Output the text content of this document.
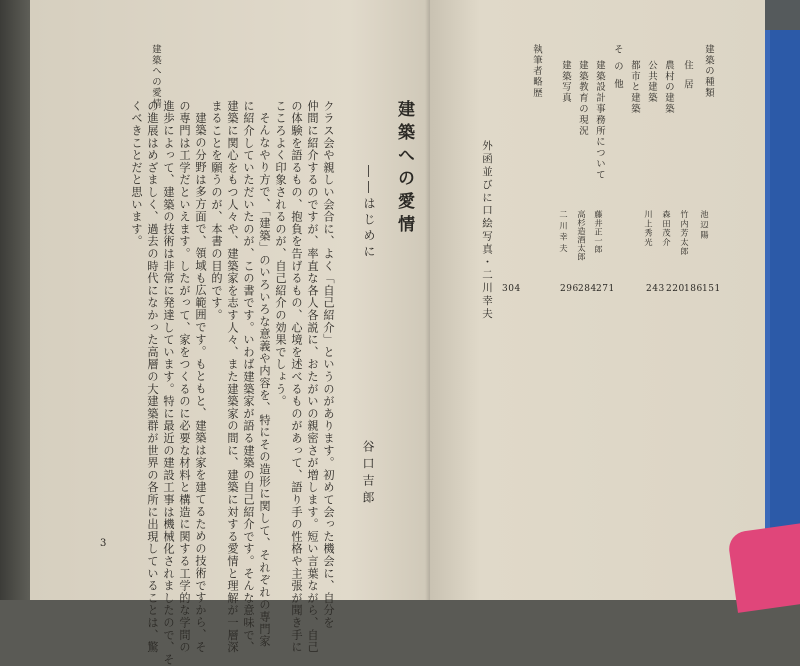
建築への愛情
建築への愛情
――はじめに
谷口吉郎
クラス会や親しい会合に、よく「自己紹介」というのがあります。初めて会った機会に、自分を
仲間に紹介するのですが、率直な各人各説に、おたがいの親密さが増します。短い言葉ながら、自己
の体験を語るもの、抱負を告げるもの、心境を述べるものがあって、語り手の性格や主張が聞き手に
こころよく印象されるのが、自己紹介の効果でしょう。
そんなやり方で、「建築」のいろいろな意義や内容を、特にその造形に関して、それぞれの専門家
に紹介していただいたのが、この書です。いわば建築家が語る建築の自己紹介です。そんな意味で、
建築に関心をもつ人々や、建築家を志す人々、また建築家の間に、建築に対する愛情と理解が一層深
まることを願うのが、本書の目的です。
建築の分野は多方面で、領域も広範囲です。もともと、建築は家を建てるための技術ですから、そ
の専門は工学だといえます。したがって、家をつくるのに必要な材料と構造に関する工学的な学問の
進歩によって、建築の技術は非常に発達しています。特に最近の建設工事は機械化されましたので、そ
の進展はめざましく、過去の時代になかった高層の大建築群が世界の各所に出現していることは、驚
くべきことだと思います。
3
建築の種類
住居
農村の建築
公共建築
都市と建築
その他
建築設計事務所について
建築教育の現況
建築写真
執筆者略歴
外函並びに口絵写真・二川幸夫	池辺陽
竹内芳太郎
森田茂介
川上秀光
藤井正一郎
高杉造酒太郎
二川幸夫
243 220 186 151
296 284 271
304
